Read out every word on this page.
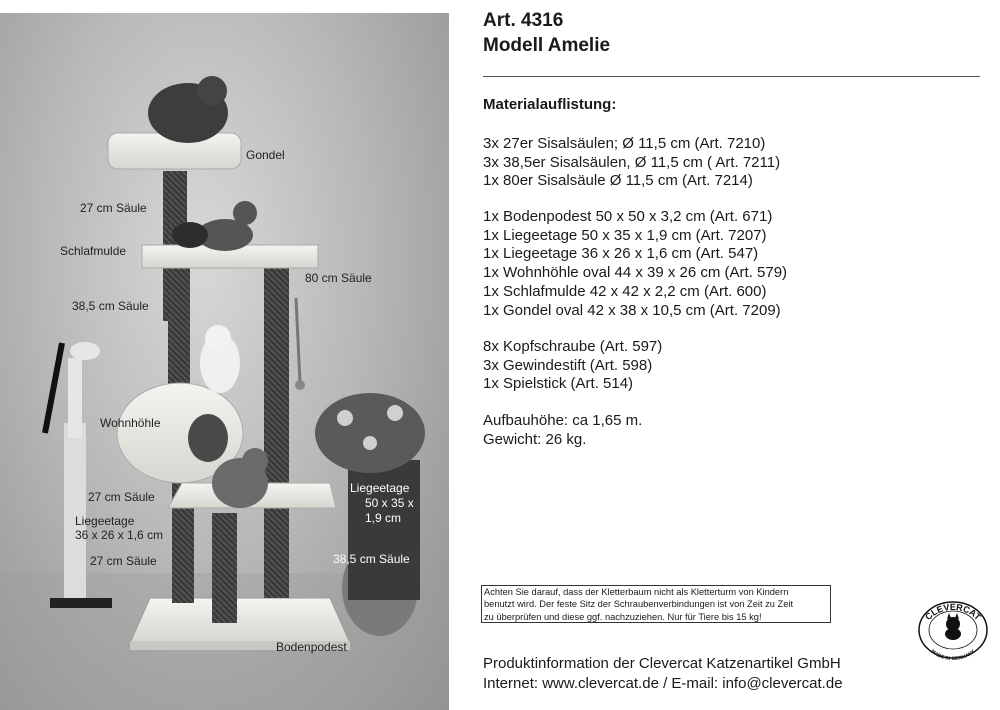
Gondel
27 cm Säule
Schlafmulde
80 cm Säule
38,5 cm Säule
Wohnhöhle
27 cm Säule
Liegeetage
36 x 26 x 1,6 cm
27 cm Säule
Liegeetage
50 x 35 x
1,9 cm
38,5 cm Säule
Bodenpodest
Art. 4316
Modell Amelie
Materialauflistung:
3x 27er Sisalsäulen; Ø 11,5 cm (Art. 7210)
3x 38,5er Sisalsäulen, Ø 11,5 cm ( Art. 7211)
1x 80er Sisalsäule Ø 11,5 cm (Art. 7214)
1x Bodenpodest 50 x 50 x 3,2 cm (Art. 671)
1x Liegeetage 50 x 35 x 1,9 cm (Art. 7207)
1x Liegeetage 36 x 26 x 1,6 cm (Art. 547)
1x Wohnhöhle oval 44 x 39 x 26 cm (Art. 579)
1x Schlafmulde 42 x 42 x 2,2 cm (Art. 600)
1x Gondel oval 42 x 38 x 10,5 cm (Art. 7209)
8x Kopfschraube (Art. 597)
3x Gewindestift (Art. 598)
1x Spielstick (Art. 514)
Aufbauhöhe: ca 1,65 m.
Gewicht: 26 kg.
Achten Sie darauf, dass der Kletterbaum nicht als Kletterturm von Kindern
benutzt wird. Der feste Sitz der Schraubenverbindungen ist von Zeit zu Zeit
zu überprüfen und diese ggf. nachzuziehen. Nur für Tiere bis 15 kg!	CLEVERCAT
MADE IN GERMANY
Produktinformation der Clevercat Katzenartikel GmbH
Internet: www.clevercat.de / E-mail: info@clevercat.de
